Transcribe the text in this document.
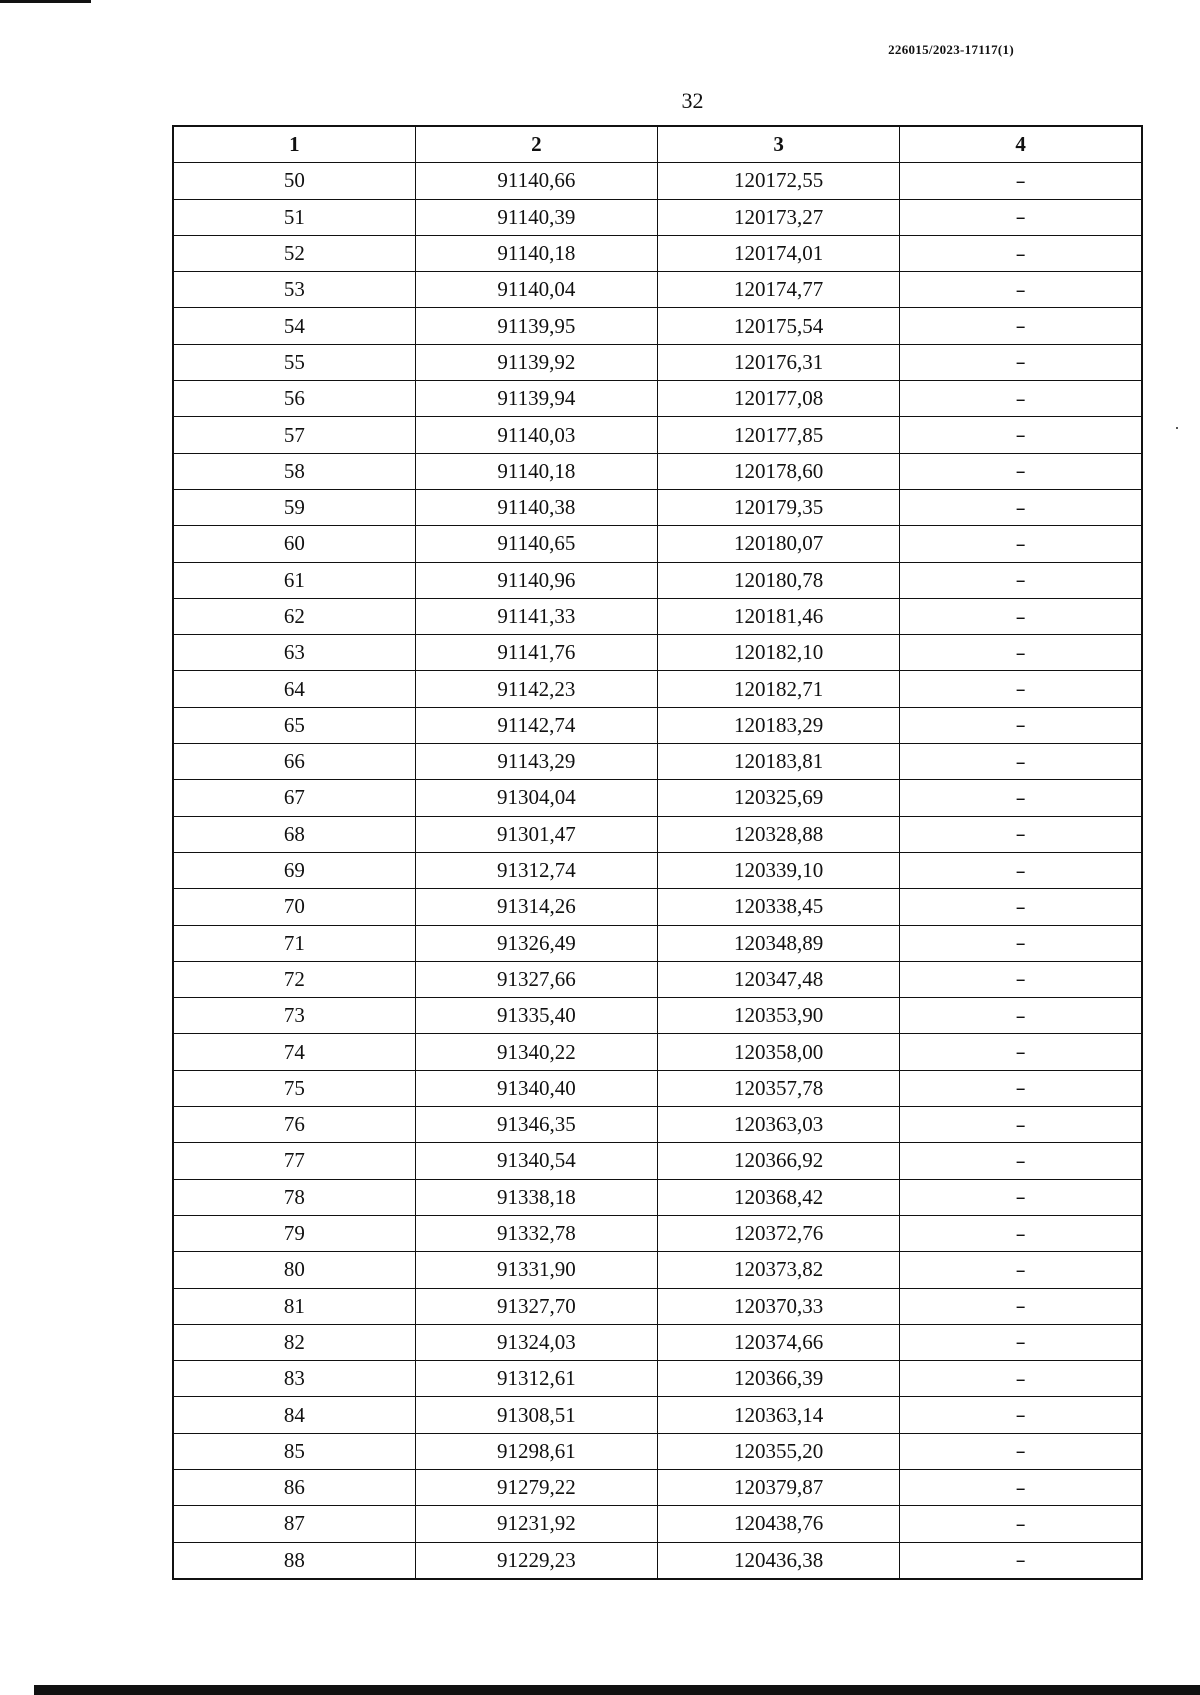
226015/2023-17117(1)
32
1	2	3	4
50	91140,66	120172,55	–
51	91140,39	120173,27	–
52	91140,18	120174,01	–
53	91140,04	120174,77	–
54	91139,95	120175,54	–
55	91139,92	120176,31	–
56	91139,94	120177,08	–
57	91140,03	120177,85	–
58	91140,18	120178,60	–
59	91140,38	120179,35	–
60	91140,65	120180,07	–
61	91140,96	120180,78	–
62	91141,33	120181,46	–
63	91141,76	120182,10	–
64	91142,23	120182,71	–
65	91142,74	120183,29	–
66	91143,29	120183,81	–
67	91304,04	120325,69	–
68	91301,47	120328,88	–
69	91312,74	120339,10	–
70	91314,26	120338,45	–
71	91326,49	120348,89	–
72	91327,66	120347,48	–
73	91335,40	120353,90	–
74	91340,22	120358,00	–
75	91340,40	120357,78	–
76	91346,35	120363,03	–
77	91340,54	120366,92	–
78	91338,18	120368,42	–
79	91332,78	120372,76	–
80	91331,90	120373,82	–
81	91327,70	120370,33	–
82	91324,03	120374,66	–
83	91312,61	120366,39	–
84	91308,51	120363,14	–
85	91298,61	120355,20	–
86	91279,22	120379,87	–
87	91231,92	120438,76	–
88	91229,23	120436,38	–
